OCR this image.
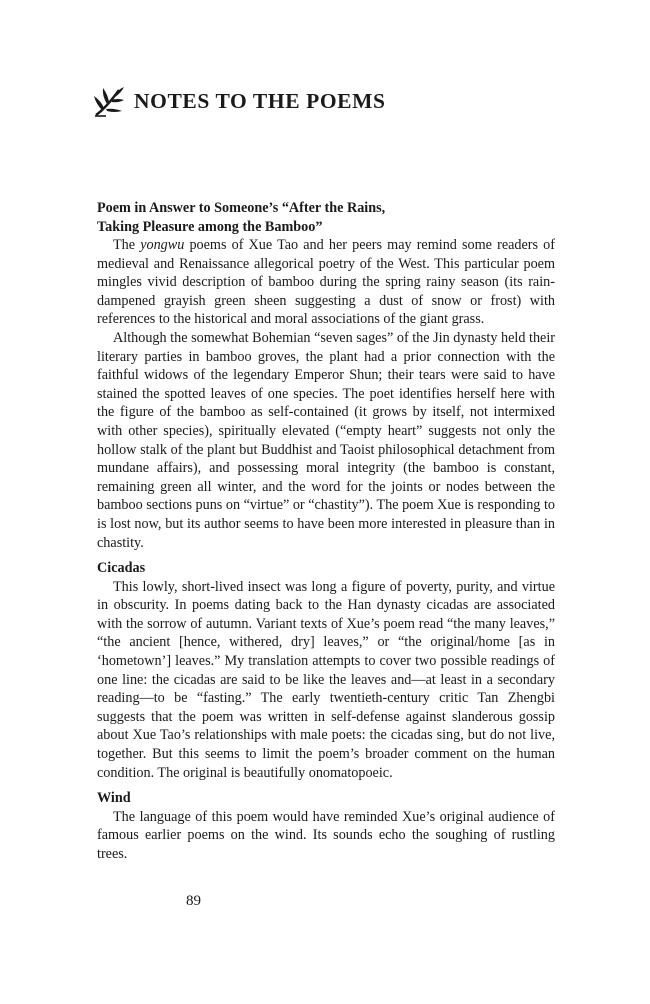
NOTES TO THE POEMS
Poem in Answer to Someone’s “After the Rains,
Taking Pleasure among the Bamboo”

The yongwu poems of Xue Tao and her peers may remind some readers of medieval and Renaissance allegorical poetry of the West. This particular poem mingles vivid description of bamboo during the spring rainy season (its rain-dampened grayish green sheen suggesting a dust of snow or frost) with references to the historical and moral associations of the giant grass.

Although the somewhat Bohemian “seven sages” of the Jin dynasty held their literary parties in bamboo groves, the plant had a prior connection with the faithful widows of the legendary Emperor Shun; their tears were said to have stained the spotted leaves of one species. The poet identifies herself here with the figure of the bamboo as self-contained (it grows by itself, not intermixed with other species), spiritually elevated (“empty heart” suggests not only the hollow stalk of the plant but Buddhist and Taoist philosophical detachment from mundane affairs), and possessing moral integrity (the bamboo is constant, remaining green all winter, and the word for the joints or nodes between the bamboo sections puns on “virtue” or “chastity”). The poem Xue is responding to is lost now, but its author seems to have been more interested in pleasure than in chastity.

Cicadas

This lowly, short-lived insect was long a figure of poverty, purity, and virtue in obscurity. In poems dating back to the Han dynasty cicadas are associated with the sorrow of autumn. Variant texts of Xue’s poem read “the many leaves,” “the ancient [hence, withered, dry] leaves,” or “the original/home [as in ‘hometown’] leaves.” My translation attempts to cover two possible readings of one line: the cicadas are said to be like the leaves and—at least in a secondary reading—to be “fasting.” The early twentieth-century critic Tan Zhengbi suggests that the poem was written in self-defense against slanderous gossip about Xue Tao’s relationships with male poets: the cicadas sing, but do not live, together. But this seems to limit the poem’s broader comment on the human condition. The original is beautifully onomatopoeic.

Wind

The language of this poem would have reminded Xue’s original audience of famous earlier poems on the wind. Its sounds echo the soughing of rustling trees.

89
